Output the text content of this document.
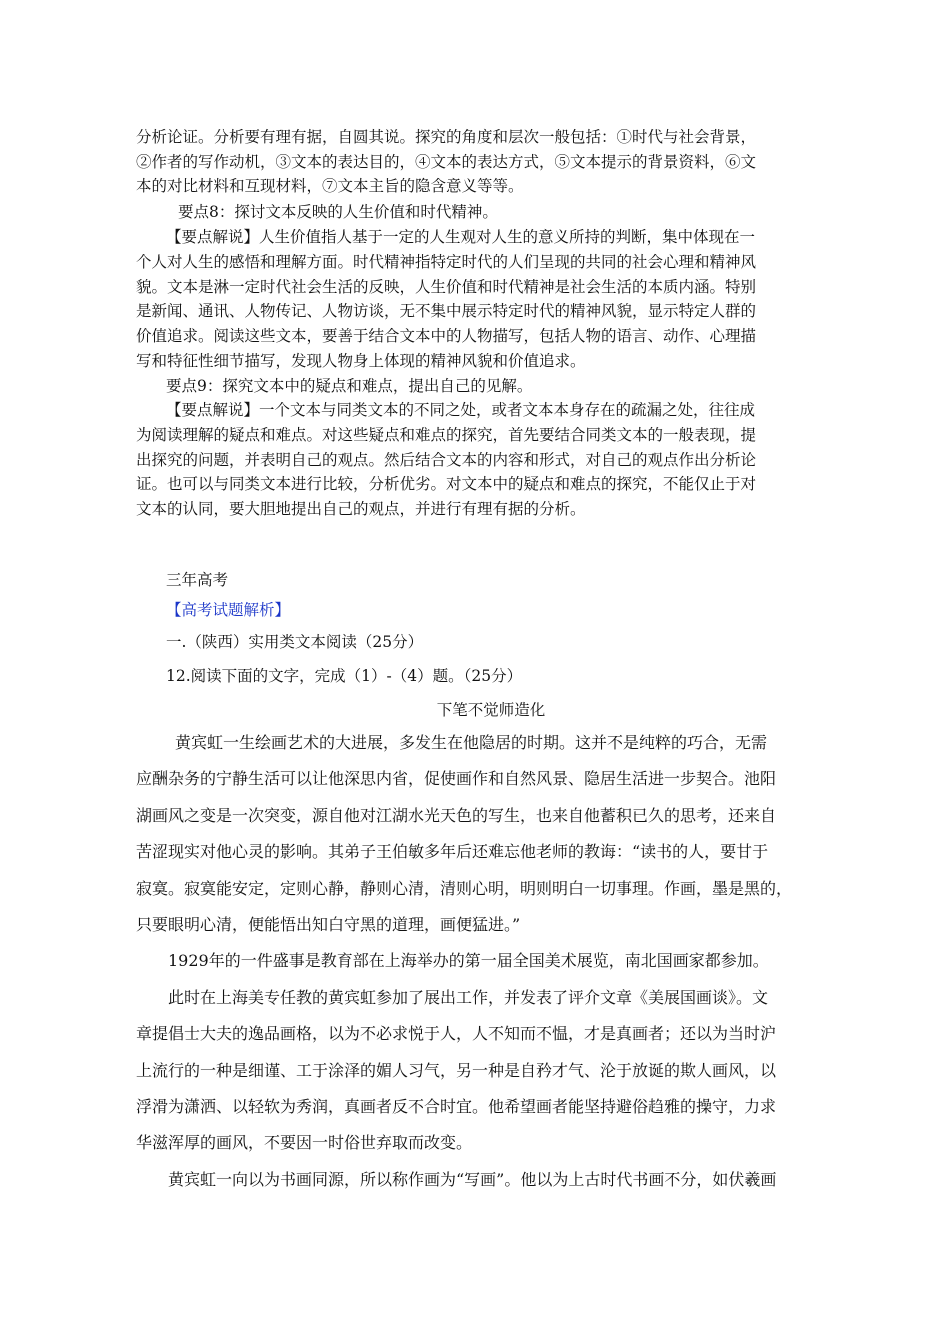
分析论证。分析要有理有据，自圆其说。探究的角度和层次一般包括：①时代与社会背景，
②作者的写作动机，③文本的表达目的，④文本的表达方式，⑤文本提示的背景资料，⑥文
本的对比材料和互现材料，⑦文本主旨的隐含意义等等。
要点8：探讨文本反映的人生价值和时代精神。
【要点解说】人生价值指人基于一定的人生观对人生的意义所持的判断，集中体现在一
个人对人生的感悟和理解方面。时代精神指特定时代的人们呈现的共同的社会心理和精神风
貌。文本是淋一定时代社会生活的反映，人生价值和时代精神是社会生活的本质内涵。特别
是新闻、通讯、人物传记、人物访谈，无不集中展示特定时代的精神风貌，显示特定人群的
价值追求。阅读这些文本，要善于结合文本中的人物描写，包括人物的语言、动作、心理描
写和特征性细节描写，发现人物身上体现的精神风貌和价值追求。
要点9：探究文本中的疑点和难点，提出自己的见解。
【要点解说】一个文本与同类文本的不同之处，或者文本本身存在的疏漏之处，往往成
为阅读理解的疑点和难点。对这些疑点和难点的探究，首先要结合同类文本的一般表现，提
出探究的问题，并表明自己的观点。然后结合文本的内容和形式，对自己的观点作出分析论
证。也可以与同类文本进行比较，分析优劣。对文本中的疑点和难点的探究，不能仅止于对
文本的认同，要大胆地提出自己的观点，并进行有理有据的分析。
三年高考
【高考试题解析】
一.（陕西）实用类文本阅读（25分）
12.阅读下面的文字，完成（1）-（4）题。（25分）
下笔不觉师造化
黄宾虹一生绘画艺术的大进展，多发生在他隐居的时期。这并不是纯粹的巧合，无需
应酬杂务的宁静生活可以让他深思内省，促使画作和自然风景、隐居生活进一步契合。池阳
湖画风之变是一次突变，源自他对江湖水光天色的写生，也来自他蓄积已久的思考，还来自
苦涩现实对他心灵的影响。其弟子王伯敏多年后还难忘他老师的教诲：“读书的人，要甘于
寂寞。寂寞能安定，定则心静，静则心清，清则心明，明则明白一切事理。作画，墨是黑的，
只要眼明心清，便能悟出知白守黑的道理，画便猛进。”
1929年的一件盛事是教育部在上海举办的第一届全国美术展览，南北国画家都参加。
此时在上海美专任教的黄宾虹参加了展出工作，并发表了评介文章《美展国画谈》。文
章提倡士大夫的逸品画格，以为不必求悦于人，人不知而不愠，才是真画者；还以为当时沪
上流行的一种是细谨、工于涂泽的媚人习气，另一种是自矜才气、沦于放诞的欺人画风，以
浮滑为潇洒、以轻软为秀润，真画者反不合时宜。他希望画者能坚持避俗趋雅的操守，力求
华滋浑厚的画风，不要因一时俗世弃取而改变。
黄宾虹一向以为书画同源，所以称作画为“写画”。他以为上古时代书画不分，如伏羲画
